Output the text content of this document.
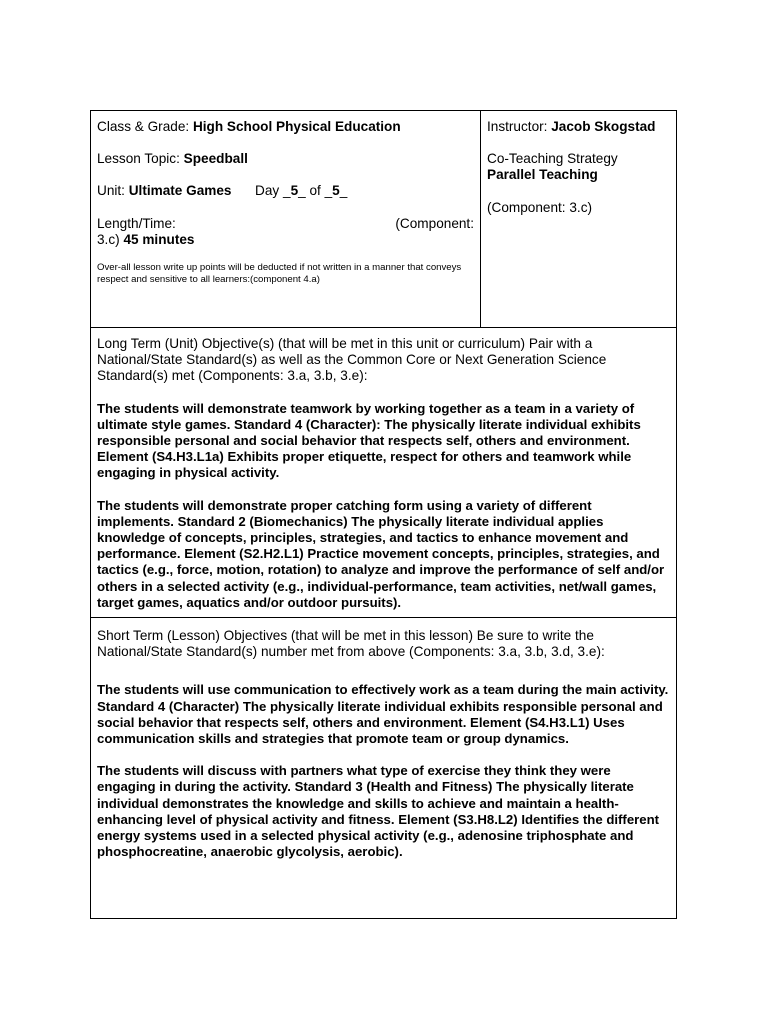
Class & Grade: High School Physical Education

Lesson Topic: Speedball

Unit: Ultimate Games Day _5_ of _5_

Length/Time:	(Component:

3.c) 45 minutes

Over-all lesson write up points will be deducted if not written in a manner that conveys respect and sensitive to all learners:(component 4.a)

Instructor: Jacob Skogstad

Co-Teaching Strategy

Parallel Teaching

(Component: 3.c)

Long Term (Unit) Objective(s) (that will be met in this unit or curriculum) Pair with a National/State Standard(s) as well as the Common Core or Next Generation Science Standard(s) met (Components: 3.a, 3.b, 3.e):

The students will demonstrate teamwork by working together as a team in a variety of ultimate style games. Standard 4 (Character): The physically literate individual exhibits responsible personal and social behavior that respects self, others and environment. Element (S4.H3.L1a) Exhibits proper etiquette, respect for others and teamwork while engaging in physical activity.

The students will demonstrate proper catching form using a variety of different implements. Standard 2 (Biomechanics) The physically literate individual applies knowledge of concepts, principles, strategies, and tactics to enhance movement and performance. Element (S2.H2.L1) Practice movement concepts, principles, strategies, and tactics (e.g., force, motion, rotation) to analyze and improve the performance of self and/or others in a selected activity (e.g., individual-performance, team activities, net/wall games, target games, aquatics and/or outdoor pursuits).

Short Term (Lesson) Objectives (that will be met in this lesson) Be sure to write the National/State Standard(s) number met from above (Components: 3.a, 3.b, 3.d, 3.e):

The students will use communication to effectively work as a team during the main activity. Standard 4 (Character) The physically literate individual exhibits responsible personal and social behavior that respects self, others and environment. Element (S4.H3.L1) Uses communication skills and strategies that promote team or group dynamics.

The students will discuss with partners what type of exercise they think they were engaging in during the activity. Standard 3 (Health and Fitness) The physically literate individual demonstrates the knowledge and skills to achieve and maintain a health-enhancing level of physical activity and fitness. Element (S3.H8.L2) Identifies the different energy systems used in a selected physical activity (e.g., adenosine triphosphate and phosphocreatine, anaerobic glycolysis, aerobic).
